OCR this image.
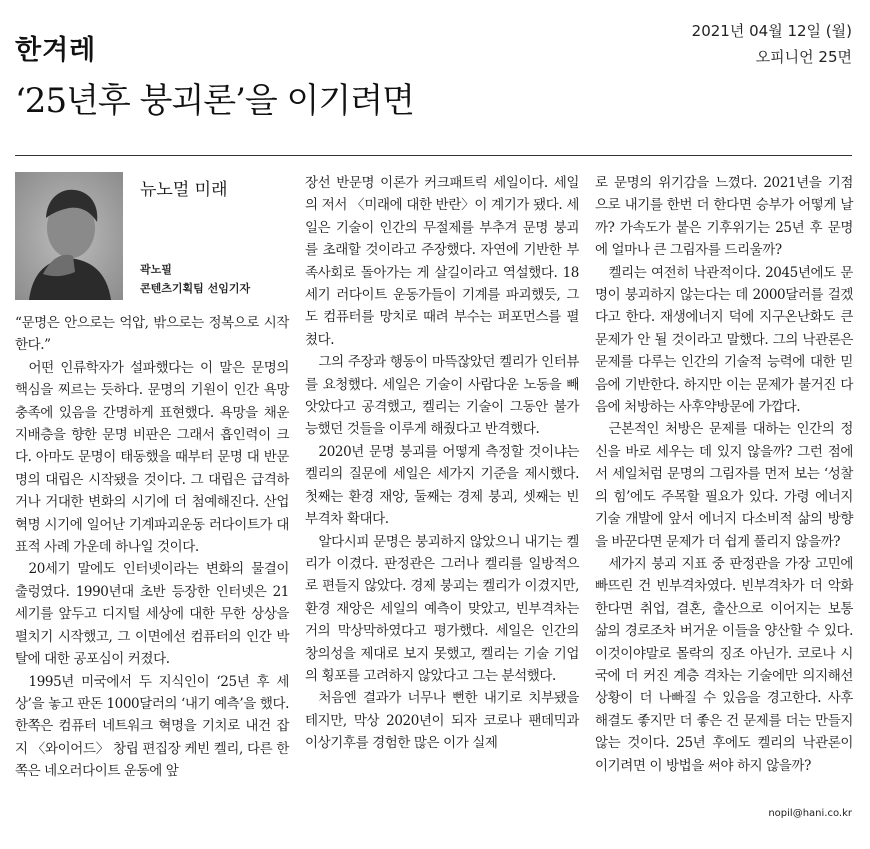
한겨레
2021년 04월 12일 (월)
오피니언 25면
‘25년후 붕괴론’을 이기려면
뉴노멀 미래
곽노필
콘텐츠기획팀 선임기자

“문명은 안으로는 억압, 밖으로는 정복으로 시작한다.”

어떤 인류학자가 설파했다는 이 말은 문명의 핵심을 찌르는 듯하다. 문명의 기원이 인간 욕망 충족에 있음을 간명하게 표현했다. 욕망을 채운 지배층을 향한 문명 비판은 그래서 흡인력이 크다. 아마도 문명이 태동했을 때부터 문명 대 반문명의 대립은 시작됐을 것이다. 그 대립은 급격하거나 거대한 변화의 시기에 더 첨예해진다. 산업혁명 시기에 일어난 기계파괴운동 러다이트가 대표적 사례 가운데 하나일 것이다.

20세기 말에도 인터넷이라는 변화의 물결이 출렁였다. 1990년대 초반 등장한 인터넷은 21세기를 앞두고 디지털 세상에 대한 무한 상상을 펼치기 시작했고, 그 이면에선 컴퓨터의 인간 박탈에 대한 공포심이 커졌다.

1995년 미국에서 두 지식인이 ‘25년 후 세상’을 놓고 판돈 1000달러의 ‘내기 예측’을 했다. 한쪽은 컴퓨터 네트워크 혁명을 기치로 내건 잡지 〈와이어드〉 창립 편집장 케빈 켈리, 다른 한쪽은 네오러다이트 운동에 앞

장선 반문명 이론가 커크패트릭 세일이다. 세일의 저서 〈미래에 대한 반란〉이 계기가 됐다. 세일은 기술이 인간의 무절제를 부추겨 문명 붕괴를 초래할 것이라고 주장했다. 자연에 기반한 부족사회로 돌아가는 게 살길이라고 역설했다. 18세기 러다이트 운동가들이 기계를 파괴했듯, 그도 컴퓨터를 망치로 때려 부수는 퍼포먼스를 펼쳤다.

그의 주장과 행동이 마뜩잖았던 켈리가 인터뷰를 요청했다. 세일은 기술이 사람다운 노동을 빼앗았다고 공격했고, 켈리는 기술이 그동안 불가능했던 것들을 이루게 해줬다고 반격했다.

2020년 문명 붕괴를 어떻게 측정할 것이냐는 켈리의 질문에 세일은 세가지 기준을 제시했다. 첫째는 환경 재앙, 둘째는 경제 붕괴, 셋째는 빈부격차 확대다.

알다시피 문명은 붕괴하지 않았으니 내기는 켈리가 이겼다. 판정관은 그러나 켈리를 일방적으로 편들지 않았다. 경제 붕괴는 켈리가 이겼지만, 환경 재앙은 세일의 예측이 맞았고, 빈부격차는 거의 막상막하였다고 평가했다. 세일은 인간의 창의성을 제대로 보지 못했고, 켈리는 기술 기업의 횡포를 고려하지 않았다고 그는 분석했다.

처음엔 결과가 너무나 뻔한 내기로 치부됐을 테지만, 막상 2020년이 되자 코로나 팬데믹과 이상기후를 경험한 많은 이가 실제

로 문명의 위기감을 느꼈다. 2021년을 기점으로 내기를 한번 더 한다면 승부가 어떻게 날까? 가속도가 붙은 기후위기는 25년 후 문명에 얼마나 큰 그림자를 드리울까?

켈리는 여전히 낙관적이다. 2045년에도 문명이 붕괴하지 않는다는 데 2000달러를 걸겠다고 한다. 재생에너지 덕에 지구온난화도 큰 문제가 안 될 것이라고 말했다. 그의 낙관론은 문제를 다루는 인간의 기술적 능력에 대한 믿음에 기반한다. 하지만 이는 문제가 불거진 다음에 처방하는 사후약방문에 가깝다.

근본적인 처방은 문제를 대하는 인간의 정신을 바로 세우는 데 있지 않을까? 그런 점에서 세일처럼 문명의 그림자를 먼저 보는 ‘성찰의 힘’에도 주목할 필요가 있다. 가령 에너지 기술 개발에 앞서 에너지 다소비적 삶의 방향을 바꾼다면 문제가 더 쉽게 풀리지 않을까?

세가지 붕괴 지표 중 판정관을 가장 고민에 빠뜨린 건 빈부격차였다. 빈부격차가 더 악화한다면 취업, 결혼, 출산으로 이어지는 보통 삶의 경로조차 버거운 이들을 양산할 수 있다. 이것이야말로 몰락의 징조 아닌가. 코로나 시국에 더 커진 계층 격차는 기술에만 의지해선 상황이 더 나빠질 수 있음을 경고한다. 사후 해결도 좋지만 더 좋은 건 문제를 더는 만들지 않는 것이다. 25년 후에도 켈리의 낙관론이 이기려면 이 방법을 써야 하지 않을까?

nopil@hani.co.kr
